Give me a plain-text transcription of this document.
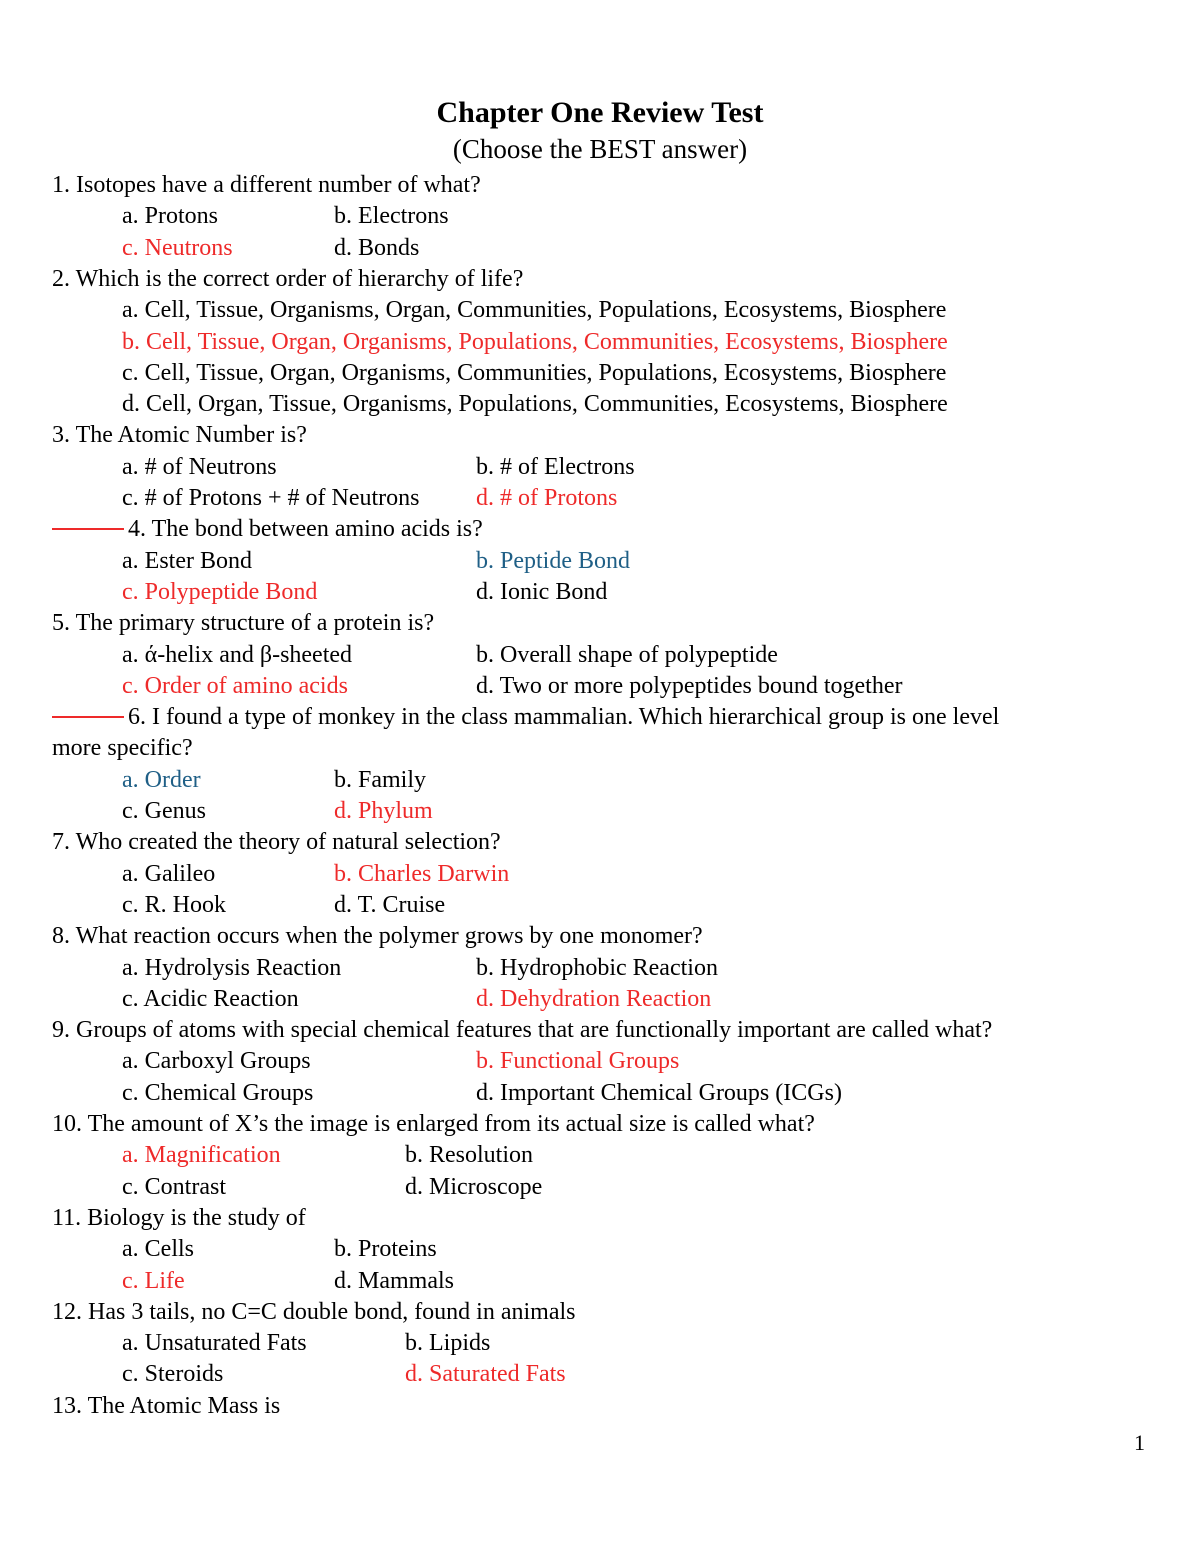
Chapter One Review Test
(Choose the BEST answer)
1. Isotopes have a different number of what?
a. Protons	b. Electrons
c. Neutrons	d. Bonds
2. Which is the correct order of hierarchy of life?
a. Cell, Tissue, Organisms, Organ, Communities, Populations, Ecosystems, Biosphere
b. Cell, Tissue, Organ, Organisms, Populations, Communities, Ecosystems, Biosphere
c. Cell, Tissue, Organ, Organisms, Communities, Populations, Ecosystems, Biosphere
d. Cell, Organ, Tissue, Organisms, Populations, Communities, Ecosystems, Biosphere
3. The Atomic Number is?
a. # of Neutrons	b. # of Electrons
c. # of Protons + # of Neutrons d. # of Protons
4. The bond between amino acids is?
a. Ester Bond	b. Peptide Bond
c. Polypeptide Bond	d. Ionic Bond
5. The primary structure of a protein is?
a. ά-helix and β-sheeted	b. Overall shape of polypeptide
c. Order of amino acids	d. Two or more polypeptides bound together
6. I found a type of monkey in the class mammalian. Which hierarchical group is one level
more specific?
a. Order	b. Family
c. Genus	d. Phylum
7. Who created the theory of natural selection?
a. Galileo	b. Charles Darwin
c. R. Hook	d. T. Cruise
8. What reaction occurs when the polymer grows by one monomer?
a. Hydrolysis Reaction	b. Hydrophobic Reaction
c. Acidic Reaction	d. Dehydration Reaction
9. Groups of atoms with special chemical features that are functionally important are called what?
a. Carboxyl Groups	b. Functional Groups
c. Chemical Groups	d. Important Chemical Groups (ICGs)
10. The amount of X’s the image is enlarged from its actual size is called what?
a. Magnification	b. Resolution
c. Contrast	d. Microscope
11. Biology is the study of
a. Cells	b. Proteins
c. Life	d. Mammals
12. Has 3 tails, no C=C double bond, found in animals
a. Unsaturated Fats	b. Lipids
c. Steroids	d. Saturated Fats
13. The Atomic Mass is
1
